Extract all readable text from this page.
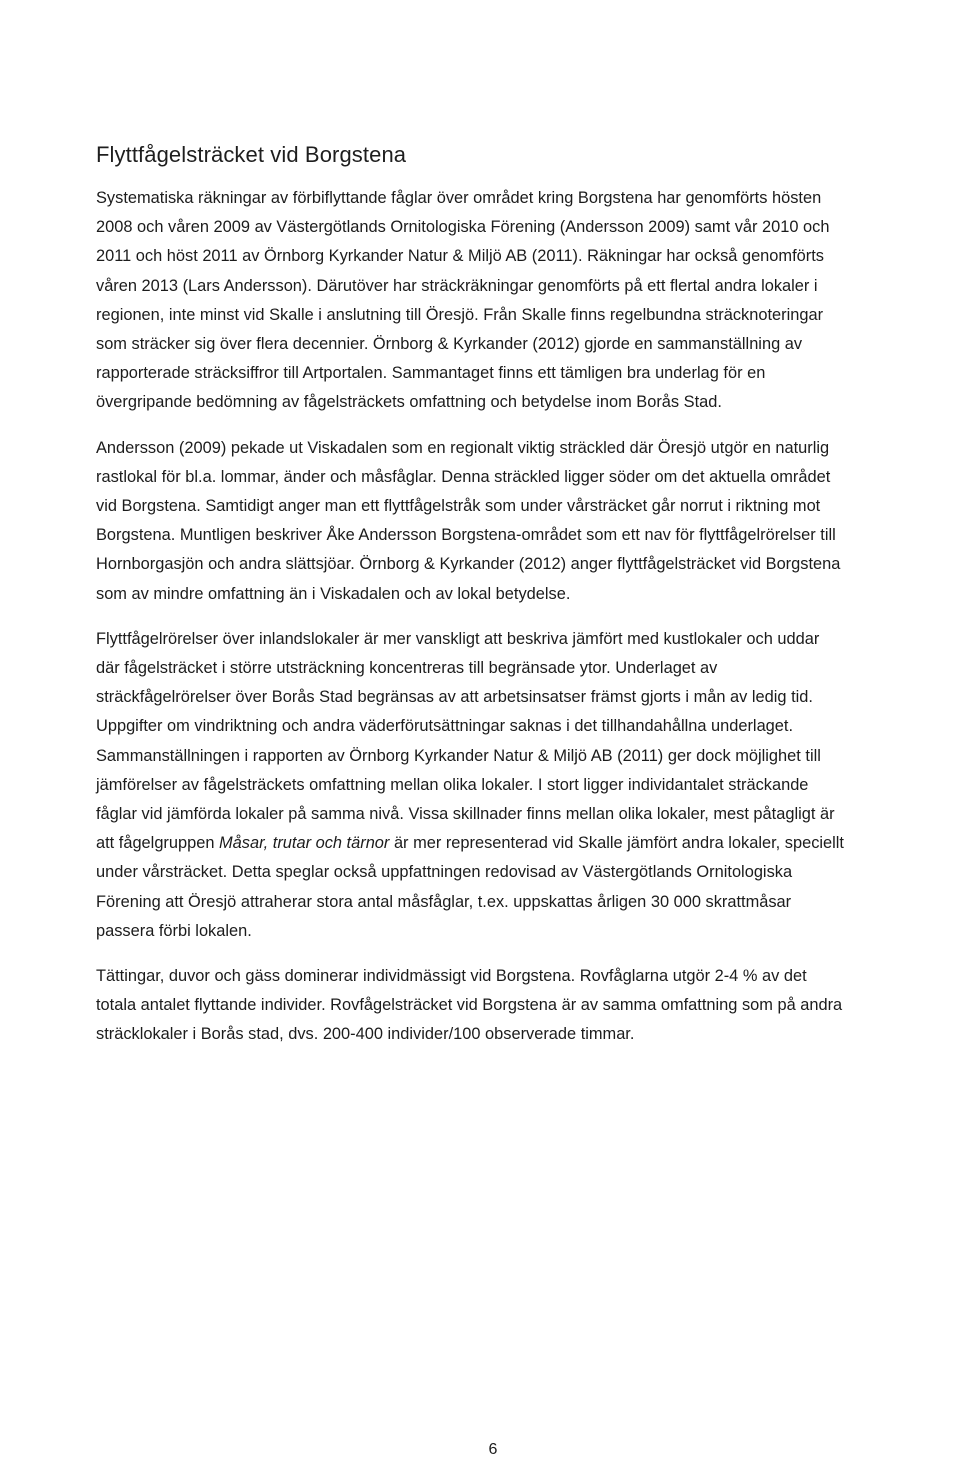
Flyttfågelsträcket vid Borgstena

Systematiska räkningar av förbiflyttande fåglar över området kring Borgstena har genomförts hösten 2008 och våren 2009 av Västergötlands Ornitologiska Förening (Andersson 2009) samt vår 2010 och 2011 och höst 2011 av Örnborg Kyrkander Natur & Miljö AB (2011). Räkningar har också genomförts våren 2013 (Lars Andersson). Därutöver har sträckräkningar genomförts på ett flertal andra lokaler i regionen, inte minst vid Skalle i anslutning till Öresjö. Från Skalle finns regelbundna sträcknoteringar som sträcker sig över flera decennier. Örnborg & Kyrkander (2012) gjorde en sammanställning av rapporterade sträcksiffror till Artportalen. Sammantaget finns ett tämligen bra underlag för en övergripande bedömning av fågelsträckets omfattning och betydelse inom Borås Stad.

Andersson (2009) pekade ut Viskadalen som en regionalt viktig sträckled där Öresjö utgör en naturlig rastlokal för bl.a. lommar, änder och måsfåglar. Denna sträckled ligger söder om det aktuella området vid Borgstena. Samtidigt anger man ett flyttfågelstråk som under vårsträcket går norrut i riktning mot Borgstena. Muntligen beskriver Åke Andersson Borgstena-området som ett nav för flyttfågelrörelser till Hornborgasjön och andra slättsjöar. Örnborg & Kyrkander (2012) anger flyttfågelsträcket vid Borgstena som av mindre omfattning än i Viskadalen och av lokal betydelse.

Flyttfågelrörelser över inlandslokaler är mer vanskligt att beskriva jämfört med kustlokaler och uddar där fågelsträcket i större utsträckning koncentreras till begränsade ytor. Underlaget av sträckfågelrörelser över Borås Stad begränsas av att arbetsinsatser främst gjorts i mån av ledig tid. Uppgifter om vindriktning och andra väderförutsättningar saknas i det tillhandahållna underlaget. Sammanställningen i rapporten av Örnborg Kyrkander Natur & Miljö AB (2011) ger dock möjlighet till jämförelser av fågelsträckets omfattning mellan olika lokaler. I stort ligger individantalet sträckande fåglar vid jämförda lokaler på samma nivå. Vissa skillnader finns mellan olika lokaler, mest påtagligt är att fågelgruppen Måsar, trutar och tärnor är mer representerad vid Skalle jämfört andra lokaler, speciellt under vårsträcket. Detta speglar också uppfattningen redovisad av Västergötlands Ornitologiska Förening att Öresjö attraherar stora antal måsfåglar, t.ex. uppskattas årligen 30 000 skrattmåsar passera förbi lokalen.

Tättingar, duvor och gäss dominerar individmässigt vid Borgstena. Rovfåglarna utgör 2-4 % av det totala antalet flyttande individer. Rovfågelsträcket vid Borgstena är av samma omfattning som på andra sträcklokaler i Borås stad, dvs. 200-400 individer/100 observerade timmar.

6
